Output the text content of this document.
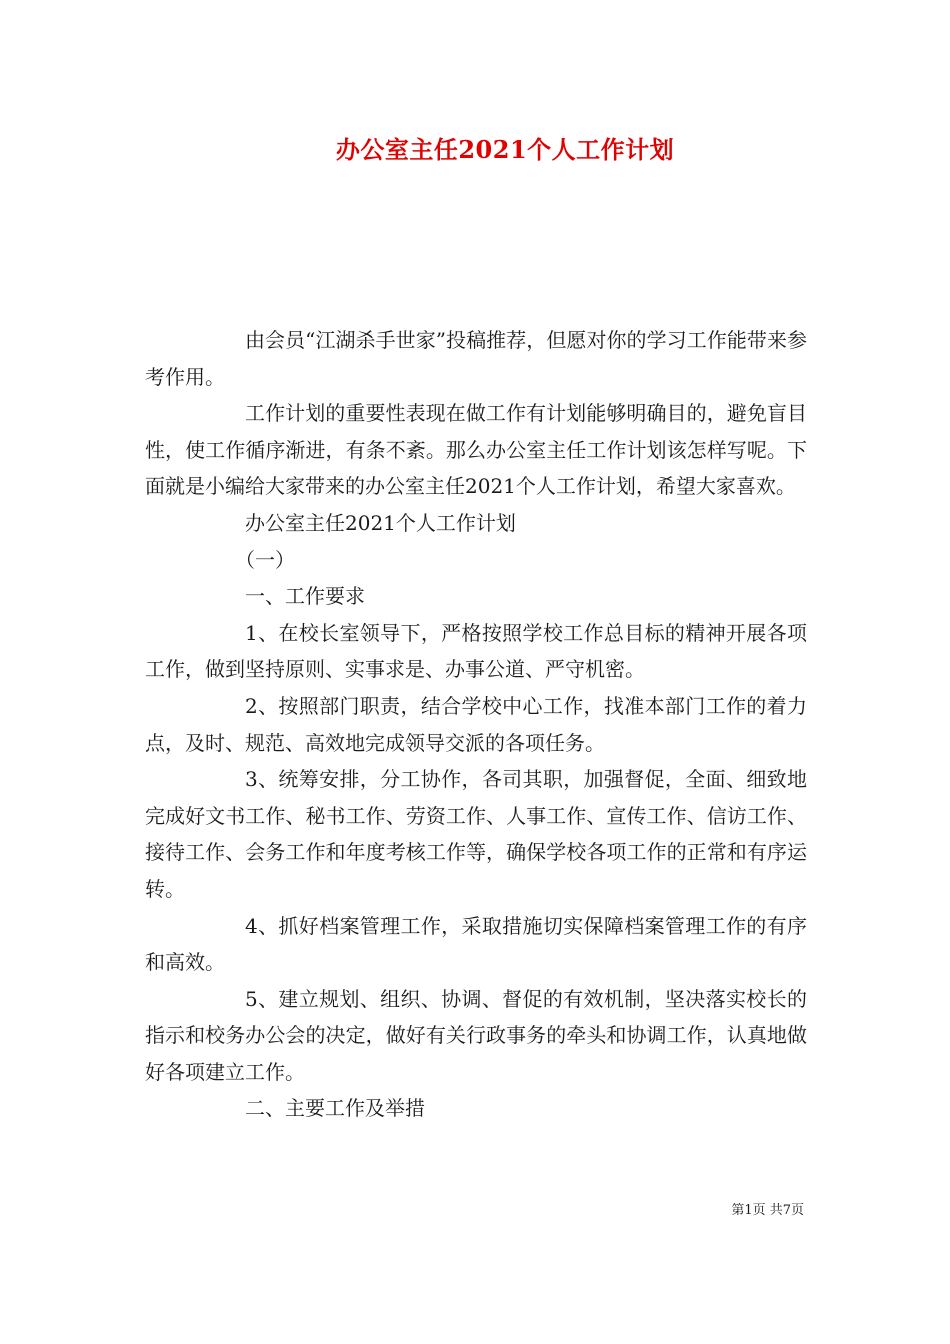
办公室主任2021个人工作计划

由会员“江湖杀手世家”投稿推荐，但愿对你的学习工作能带来参考作用。

工作计划的重要性表现在做工作有计划能够明确目的，避免盲目性，使工作循序渐进，有条不紊。那么办公室主任工作计划该怎样写呢。下面就是小编给大家带来的办公室主任2021个人工作计划，希望大家喜欢。

办公室主任2021个人工作计划

（一）

一、工作要求

1、在校长室领导下，严格按照学校工作总目标的精神开展各项工作，做到坚持原则、实事求是、办事公道、严守机密。

2、按照部门职责，结合学校中心工作，找准本部门工作的着力点，及时、规范、高效地完成领导交派的各项任务。

3、统筹安排，分工协作，各司其职，加强督促，全面、细致地完成好文书工作、秘书工作、劳资工作、人事工作、宣传工作、信访工作、接待工作、会务工作和年度考核工作等，确保学校各项工作的正常和有序运转。

4、抓好档案管理工作，采取措施切实保障档案管理工作的有序和高效。

5、建立规划、组织、协调、督促的有效机制，坚决落实校长的指示和校务办公会的决定，做好有关行政事务的牵头和协调工作，认真地做好各项建立工作。

二、主要工作及举措

第1页 共7页
